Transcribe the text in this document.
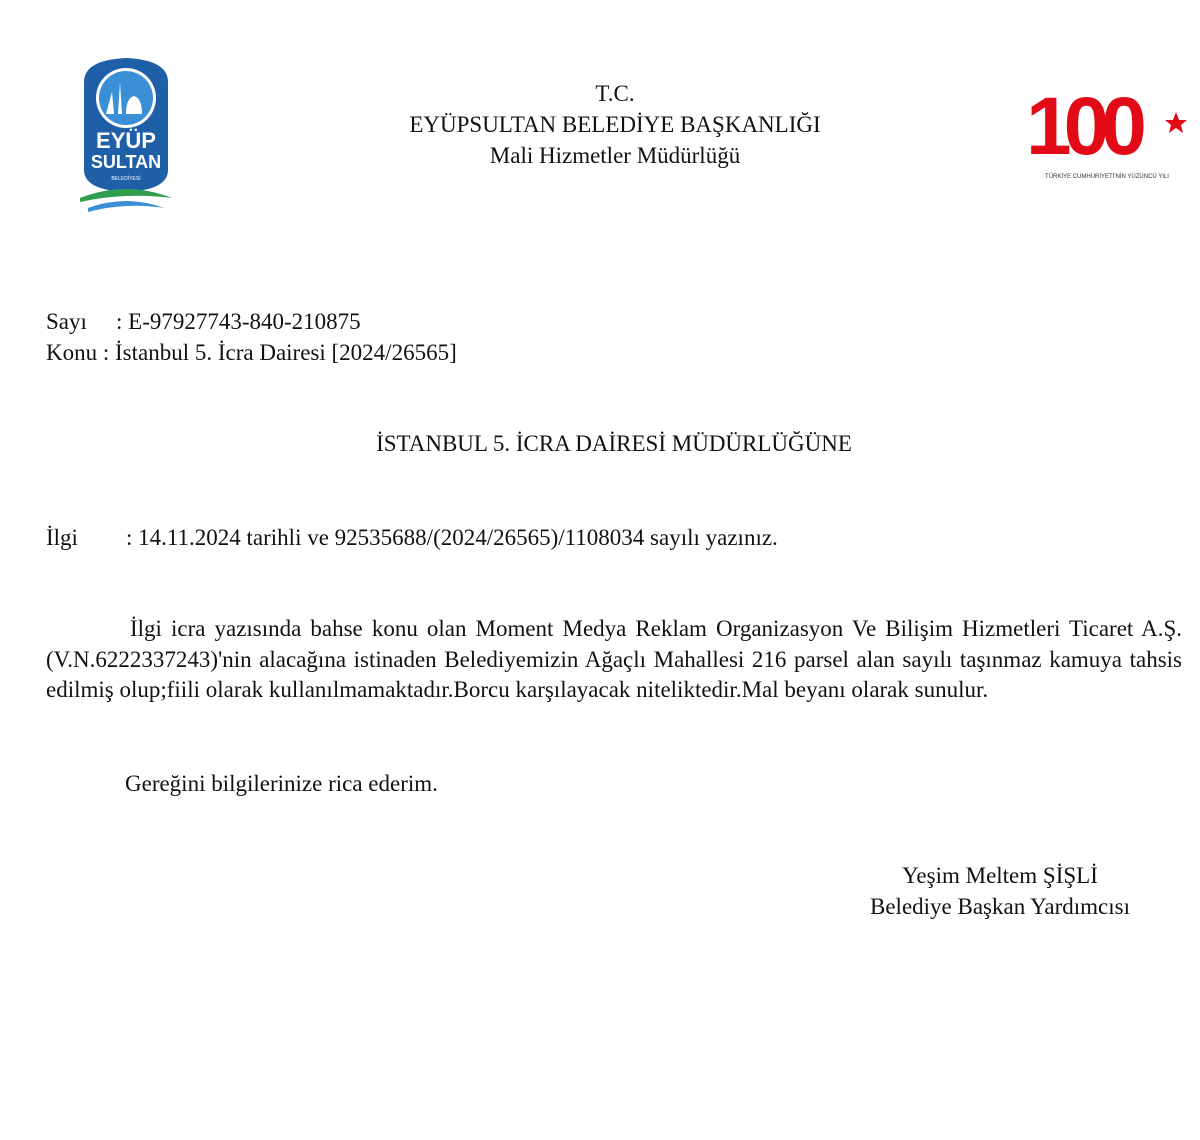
EYÜP
SULTAN
BELEDİYESİ
T.C.
EYÜPSULTAN BELEDİYE BAŞKANLIĞI
Mali Hizmetler Müdürlüğü	100
TÜRKİYE CUMHURİYETİ'NİN YÜZÜNCÜ YILI
Sayı : E-97927743-840-210875
Konu : İstanbul 5. İcra Dairesi [2024/26565]
İSTANBUL 5. İCRA DAİRESİ MÜDÜRLÜĞÜNE
İlgi : 14.11.2024 tarihli ve 92535688/(2024/26565)/1108034 sayılı yazınız.
İlgi icra yazısında bahse konu olan Moment Medya Reklam Organizasyon Ve Bilişim Hizmetleri Ticaret A.Ş.(V.N.6222337243)'nin alacağına istinaden Belediyemizin Ağaçlı Mahallesi 216 parsel alan sayılı taşınmaz kamuya tahsis edilmiş olup;fiili olarak kullanılmamaktadır.Borcu karşılayacak niteliktedir.Mal beyanı olarak sunulur.
Gereğini bilgilerinize rica ederim.
Yeşim Meltem ŞİŞLİ
Belediye Başkan Yardımcısı
